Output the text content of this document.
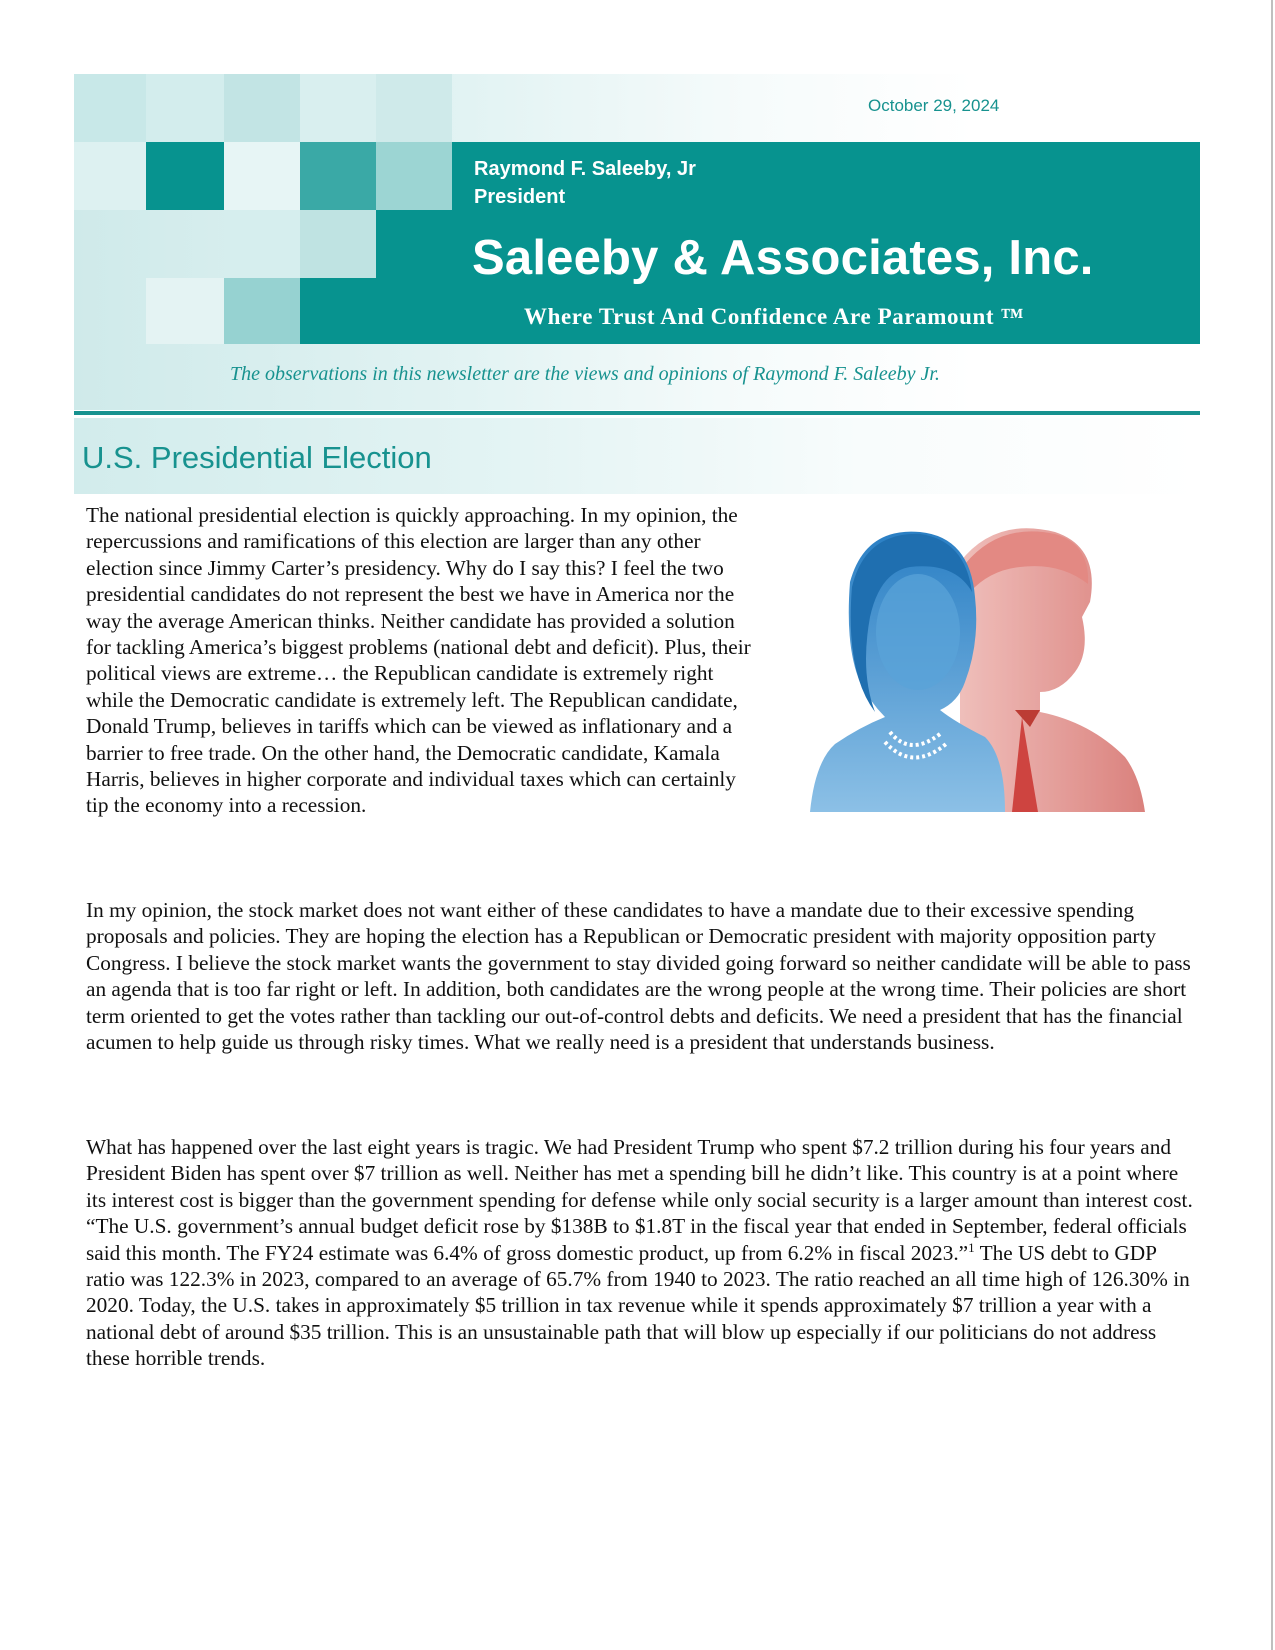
October 29, 2024
Raymond F. Saleeby, Jr
President
Saleeby & Associates, Inc.
Where Trust And Confidence Are Paramount ™
The observations in this newsletter are the views and opinions of Raymond F. Saleeby Jr.
U.S. Presidential Election

The national presidential election is quickly approaching. In my opinion, the repercussions and ramifications of this election are larger than any other election since Jimmy Carter’s presidency. Why do I say this? I feel the two presidential candidates do not represent the best we have in America nor the way the average American thinks. Neither candidate has provided a solution for tackling America’s biggest problems (national debt and deficit). Plus, their political views are extreme… the Republican candidate is extremely right while the Democratic candidate is extremely left. The Republican candidate, Donald Trump, believes in tariffs which can be viewed as inflationary and a barrier to free trade. On the other hand, the Democratic candidate, Kamala Harris, believes in higher corporate and individual taxes which can certainly tip the economy into a recession.

In my opinion, the stock market does not want either of these candidates to have a mandate due to their excessive spending proposals and policies. They are hoping the election has a Republican or Democratic president with majority opposition party Congress. I believe the stock market wants the government to stay divided going forward so neither candidate will be able to pass an agenda that is too far right or left. In addition, both candidates are the wrong people at the wrong time. Their policies are short term oriented to get the votes rather than tackling our out-of-control debts and deficits. We need a president that has the financial acumen to help guide us through risky times. What we really need is a president that understands business.

What has happened over the last eight years is tragic. We had President Trump who spent $7.2 trillion during his four years and President Biden has spent over $7 trillion as well. Neither has met a spending bill he didn’t like. This country is at a point where its interest cost is bigger than the government spending for defense while only social security is a larger amount than interest cost. “The U.S. government’s annual budget deficit rose by $138B to $1.8T in the fiscal year that ended in September, federal officials said this month. The FY24 estimate was 6.4% of gross domestic product, up from 6.2% in fiscal 2023.”$^1$ The US debt to GDP ratio was 122.3% in 2023, compared to an average of 65.7% from 1940 to 2023. The ratio reached an all time high of 126.30% in 2020. Today, the U.S. takes in approximately $5 trillion in tax revenue while it spends approximately $7 trillion a year with a national debt of around $35 trillion. This is an unsustainable path that will blow up especially if our politicians do not address these horrible trends.
